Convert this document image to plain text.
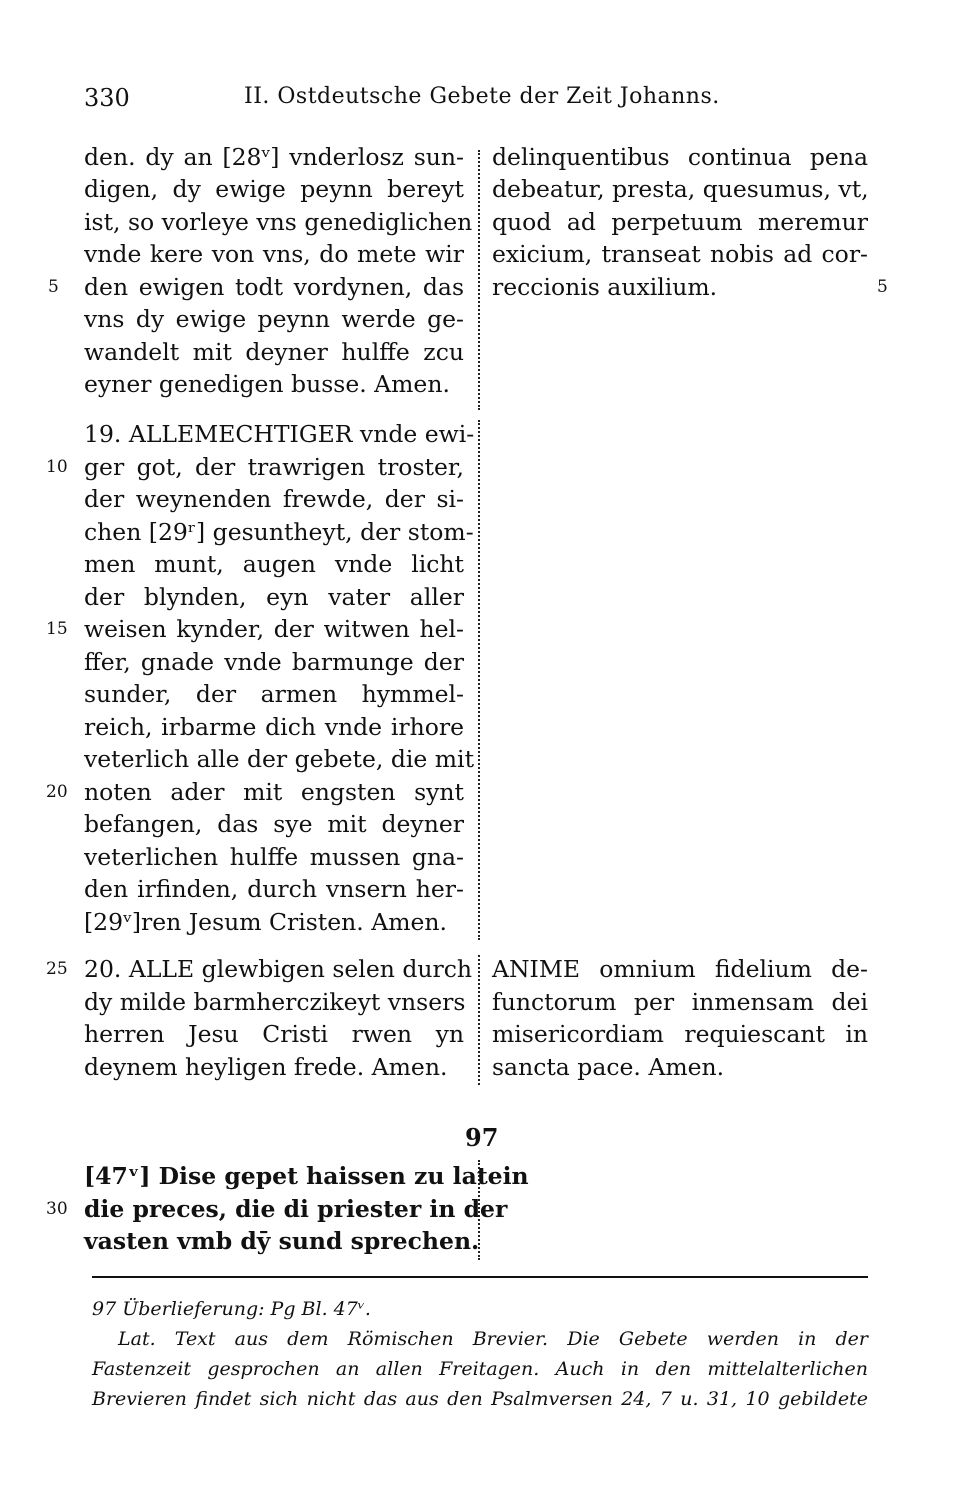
330	II. Ostdeutsche Gebete der Zeit Johanns.
den. dy an [28ᵛ] vnderlosz sun-
digen, dy ewige peynn bereyt
ist, so vorleye vns genediglichen
vnde kere von vns, do mete wir
den ewigen todt vordynen, das
vns dy ewige peynn werde ge-
wandelt mit deyner hulffe zcu
eyner genedigen busse. Amen.
19. ALLEMECHTIGER vnde ewi-
ger got, der trawrigen troster,
der weynenden frewde, der si-
chen [29ʳ] gesuntheyt, der stom-
men munt, augen vnde licht
der blynden, eyn vater aller
weisen kynder, der witwen hel-
ffer, gnade vnde barmunge der
sunder, der armen hymmel-
reich, irbarme dich vnde irhore
veterlich alle der gebete, die mit
noten ader mit engsten synt
befangen, das sye mit deyner
veterlichen hulffe mussen gna-
den irfinden, durch vnsern her-
[29ᵛ]ren Jesum Cristen. Amen.
20. ALLE glewbigen selen durch
dy milde barmherczikeyt vnsers
herren Jesu Cristi rwen yn
deynem heyligen frede. Amen.
delinquentibus continua pena
debeatur, presta, quesumus, vt,
quod ad perpetuum meremur
exicium, transeat nobis ad cor-
reccionis auxilium.
ANIME omnium fidelium de-
functorum per inmensam dei
misericordiam requiescant in
sancta pace. Amen.
5
10
15
20
25
30
5
97
[47ᵛ] Dise gepet haissen zu latein
die preces, die di priester in der
vasten vmb dȳ sund sprechen.
97 Überlieferung: Pg Bl. 47ᵛ.
Lat. Text aus dem Römischen Brevier. Die Gebete werden in der
Fastenzeit gesprochen an allen Freitagen. Auch in den mittelalterlichen
Brevieren findet sich nicht das aus den Psalmversen 24, 7 u. 31, 10 gebildete
